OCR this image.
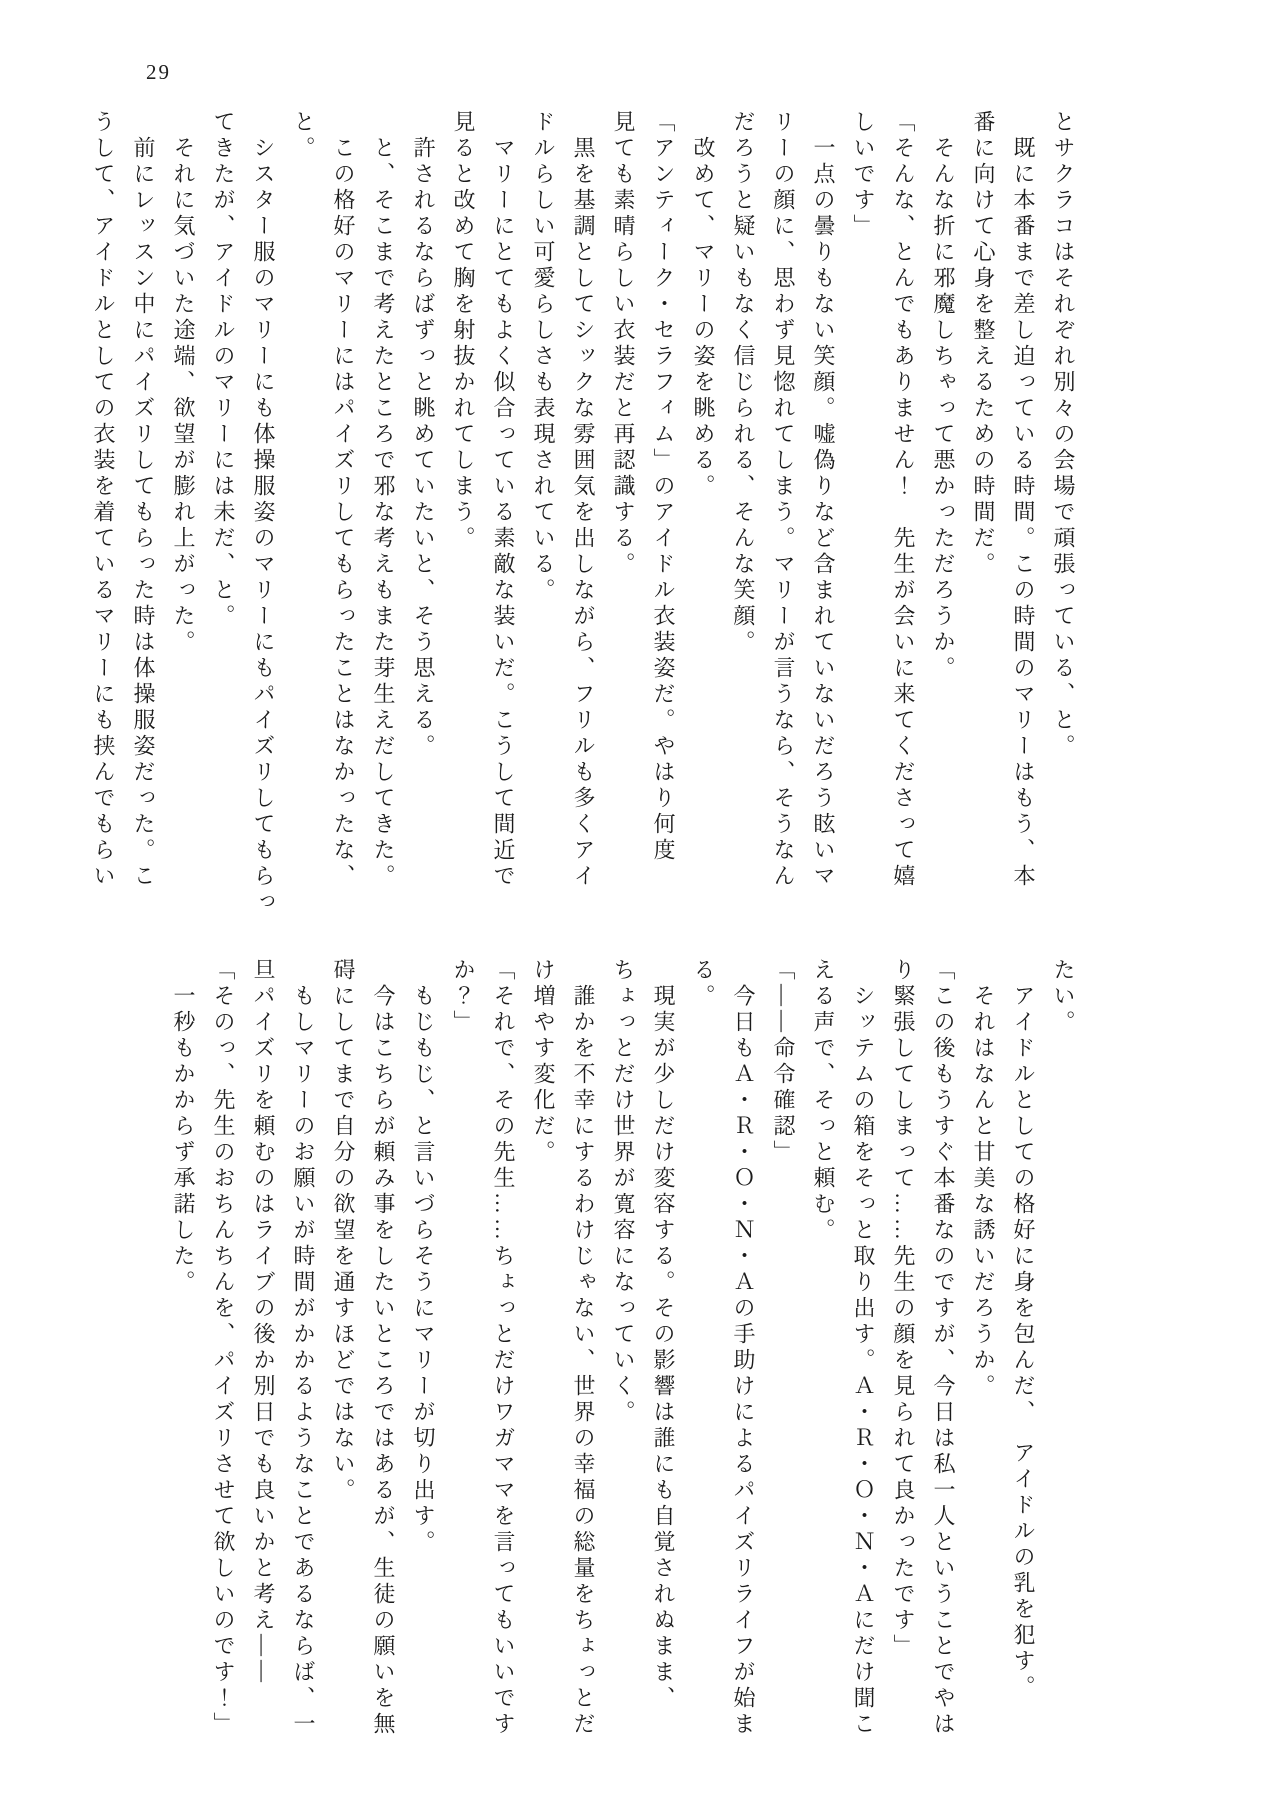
29
とサクラコはそれぞれ別々の会場で頑張っている、と。
既に本番まで差し迫っている時間。この時間のマリーはもう、本
番に向けて心身を整えるための時間だ。
そんな折に邪魔しちゃって悪かっただろうか。
「そんな、とんでもありません！　先生が会いに来てくださって嬉
しいです」
一点の曇りもない笑顔。嘘偽りなど含まれていないだろう眩いマ
リーの顔に、思わず見惚れてしまう。マリーが言うなら、そうなん
だろうと疑いもなく信じられる、そんな笑顔。
改めて、マリーの姿を眺める。
「アンティーク・セラフィム」のアイドル衣装姿だ。やはり何度
見ても素晴らしい衣装だと再認識する。
黒を基調としてシックな雰囲気を出しながら、フリルも多くアイ
ドルらしい可愛らしさも表現されている。
マリーにとてもよく似合っている素敵な装いだ。こうして間近で
見ると改めて胸を射抜かれてしまう。
許されるならばずっと眺めていたいと、そう思える。
と、そこまで考えたところで邪な考えもまた芽生えだしてきた。
この格好のマリーにはパイズリしてもらったことはなかったな、
と。
シスター服のマリーにも体操服姿のマリーにもパイズリしてもらっ
てきたが、アイドルのマリーには未だ、と。
それに気づいた途端、欲望が膨れ上がった。
前にレッスン中にパイズリしてもらった時は体操服姿だった。こ
うして、アイドルとしての衣装を着ているマリーにも挟んでもらい
たい。
アイドルとしての格好に身を包んだ、　アイドルの乳を犯す。
それはなんと甘美な誘いだろうか。
「この後もうすぐ本番なのですが、今日は私一人ということでやは
り緊張してしまって……先生の顔を見られて良かったです」
シッテムの箱をそっと取り出す。Ａ・Ｒ・Ｏ・Ｎ・Ａにだけ聞こ
える声で、そっと頼む。
「――命令確認」
今日もＡ・Ｒ・Ｏ・Ｎ・Ａの手助けによるパイズリライフが始ま
る。
現実が少しだけ変容する。その影響は誰にも自覚されぬまま、
ちょっとだけ世界が寛容になっていく。
誰かを不幸にするわけじゃない、世界の幸福の総量をちょっとだ
け増やす変化だ。
「それで、その先生……ちょっとだけワガママを言ってもいいです
か？」
もじもじ、と言いづらそうにマリーが切り出す。
今はこちらが頼み事をしたいところではあるが、生徒の願いを無
碍にしてまで自分の欲望を通すほどではない。
もしマリーのお願いが時間がかかるようなことであるならば、一
旦パイズリを頼むのはライブの後か別日でも良いかと考え――
「そのっ、先生のおちんちんを、パイズリさせて欲しいのです！」
一秒もかからず承諾した。
